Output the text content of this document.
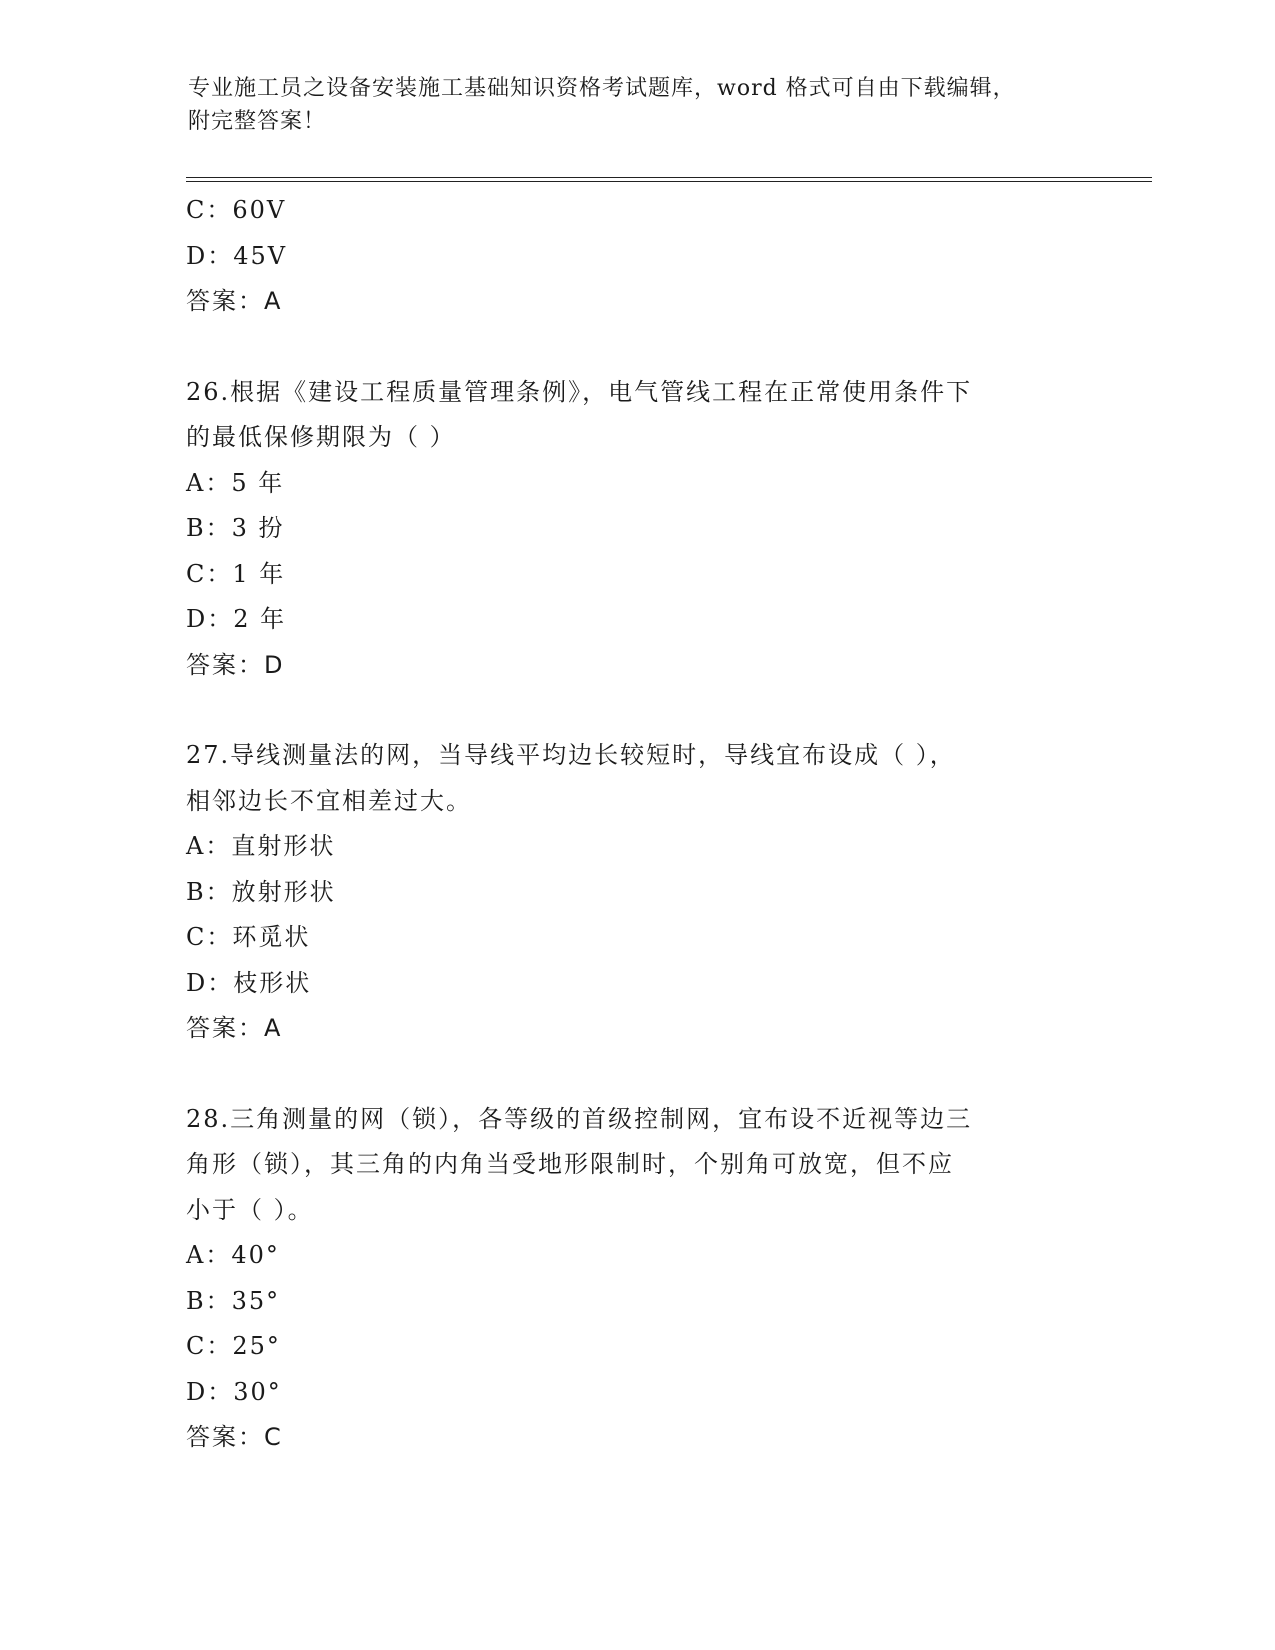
专业施工员之设备安装施工基础知识资格考试题库，word 格式可自由下载编辑，
附完整答案！
C：60V
D：45V
答案：A
26.根据《建设工程质量管理条例》，电气管线工程在正常使用条件下
的最低保修期限为（ ）
A：5 年
B：3 扮
C：1 年
D：2 年
答案：D
27.导线测量法的网，当导线平均边长较短时，导线宜布设成（ ），
相邻边长不宜相差过大。
A：直射形状
B：放射形状
C：环觅状
D：枝形状
答案：A
28.三角测量的网（锁），各等级的首级控制网，宜布设不近视等边三
角形（锁），其三角的内角当受地形限制时，个别角可放宽，但不应
小于（ ）。
A：40°
B：35°
C：25°
D：30°
答案：C
